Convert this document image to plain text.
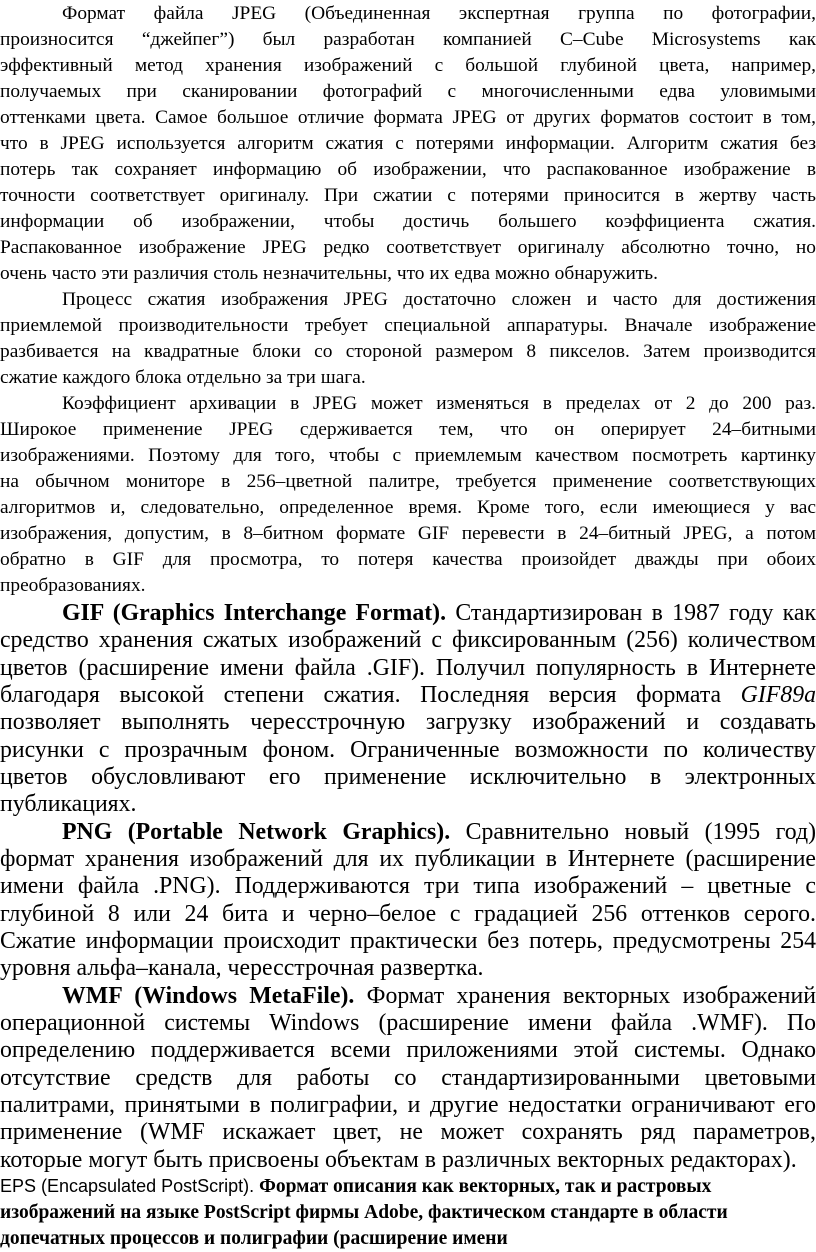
Формат файла JPEG (Объединенная экспертная группа по фотографии,
произносится “джейпег”) был разработан компанией C–Cube Microsystems как
эффективный метод хранения изображений с большой глубиной цвета, например,
получаемых при сканировании фотографий с многочисленными едва уловимыми
оттенками цвета. Самое большое отличие формата JPEG от других форматов состоит в том,
что в JPEG используется алгоритм сжатия с потерями информации. Алгоритм сжатия без
потерь так сохраняет информацию об изображении, что распакованное изображение в
точности соответствует оригиналу. При сжатии с потерями приносится в жертву часть
информации об изображении, чтобы достичь большего коэффициента сжатия.
Распакованное изображение JPEG редко соответствует оригиналу абсолютно точно, но
очень часто эти различия столь незначительны, что их едва можно обнаружить.
Процесс сжатия изображения JPEG достаточно сложен и часто для достижения
приемлемой производительности требует специальной аппаратуры. Вначале изображение
разбивается на квадратные блоки со стороной размером 8 пикселов. Затем производится
сжатие каждого блока отдельно за три шага.
Коэффициент архивации в JPEG может изменяться в пределах от 2 до 200 раз.
Широкое применение JPEG сдерживается тем, что он оперирует 24–битными
изображениями. Поэтому для того, чтобы с приемлемым качеством посмотреть картинку
на обычном мониторе в 256–цветной палитре, требуется применение соответствующих
алгоритмов и, следовательно, определенное время. Кроме того, если имеющиеся у вас
изображения, допустим, в 8–битном формате GIF перевести в 24–битный JPEG, а потом
обратно в GIF для просмотра, то потеря качества произойдет дважды при обоих
преобразованиях.
GIF (Graphics Interchange Format). Стандартизирован в 1987 году как
средство хранения сжатых изображений с фиксированным (256) количеством
цветов (расширение имени файла .GIF). Получил популярность в Интернете
благодаря высокой степени сжатия. Последняя версия формата GIF89a
позволяет выполнять чересстрочную загрузку изображений и создавать
рисунки с прозрачным фоном. Ограниченные возможности по количеству
цветов обусловливают его применение исключительно в электронных
публикациях.
PNG (Portable Network Graphics). Сравнительно новый (1995 год)
формат хранения изображений для их публикации в Интернете (расширение
имени файла .PNG). Поддерживаются три типа изображений – цветные с
глубиной 8 или 24 бита и черно–белое с градацией 256 оттенков серого.
Сжатие информации происходит практически без потерь, предусмотрены 254
уровня альфа–канала, чересстрочная развертка.
WMF (Windows MetaFile). Формат хранения векторных изображений
операционной системы Windows (расширение имени файла .WMF). По
определению поддерживается всеми приложениями этой системы. Однако
отсутствие средств для работы со стандартизированными цветовыми
палитрами, принятыми в полиграфии, и другие недостатки ограничивают его
применение (WMF искажает цвет, не может сохранять ряд параметров,
которые могут быть присвоены объектам в различных векторных редакторах).
EPS (Encapsulated PostScript). Формат описания как векторных, так и растровых
изображений на языке PostScript фирмы Adobe, фактическом стандарте в области
допечатных процессов и полиграфии (расширение имени
